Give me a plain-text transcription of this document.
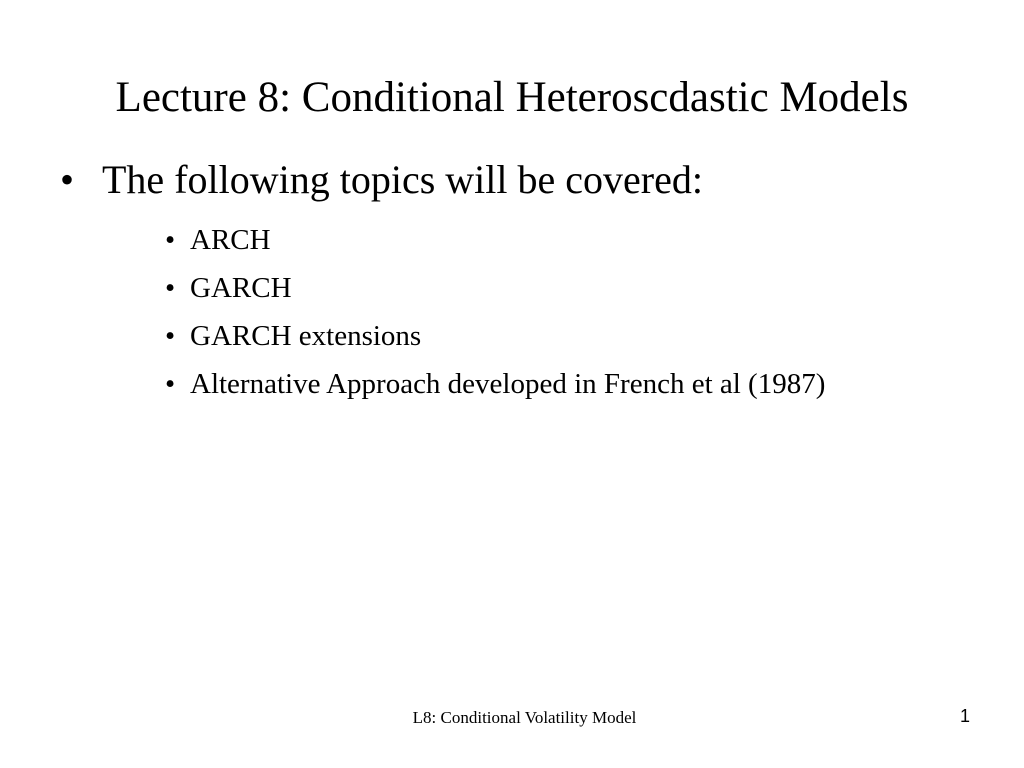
Lecture 8: Conditional Heteroscdastic Models
• The following topics will be covered:
• ARCH
• GARCH
• GARCH extensions
• Alternative Approach developed in French et al (1987)
L8: Conditional Volatility Model	1
